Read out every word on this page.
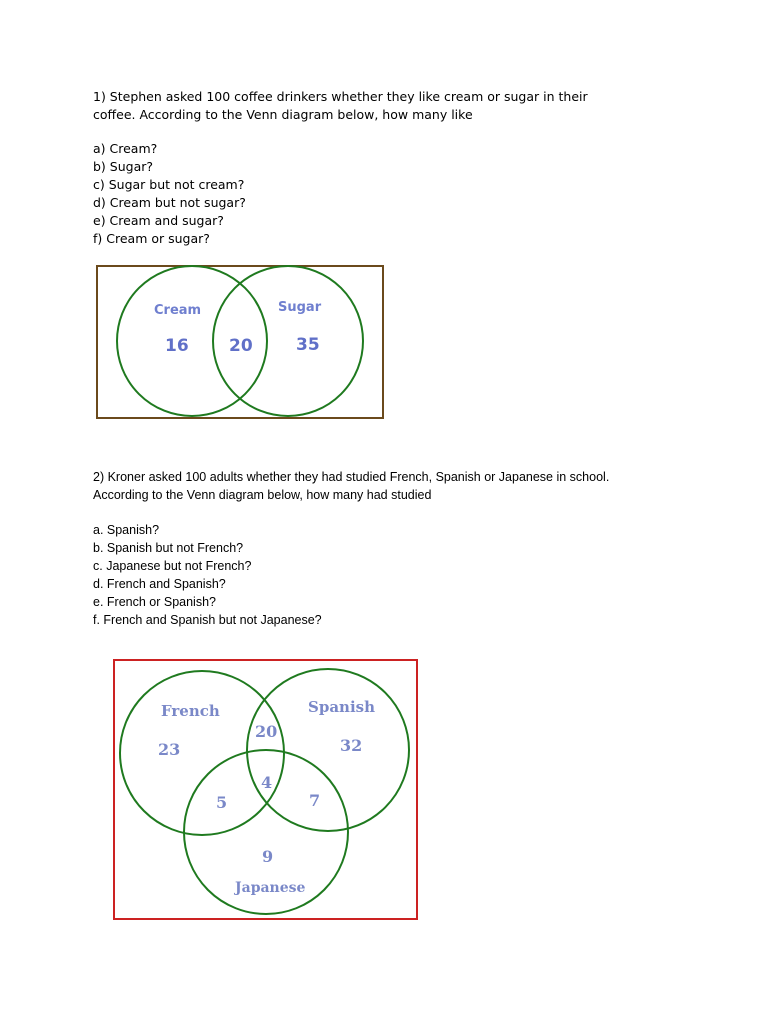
1) Stephen asked 100 coffee drinkers whether they like cream or sugar in their
coffee. According to the Venn diagram below, how many like
a) Cream?
b) Sugar?
c) Sugar but not cream?
d) Cream but not sugar?
e) Cream and sugar?
f) Cream or sugar?
Cream	Sugar
16 20	35
2) Kroner asked 100 adults whether they had studied French, Spanish or Japanese in school.
According to the Venn diagram below, how many had studied
a. Spanish?
b. Spanish but not French?
c. Japanese but not French?
d. French and Spanish?
e. French or Spanish?
f. French and Spanish but not Japanese?
French	Spanish
Japanese
23	32
20
4
5	7
9
